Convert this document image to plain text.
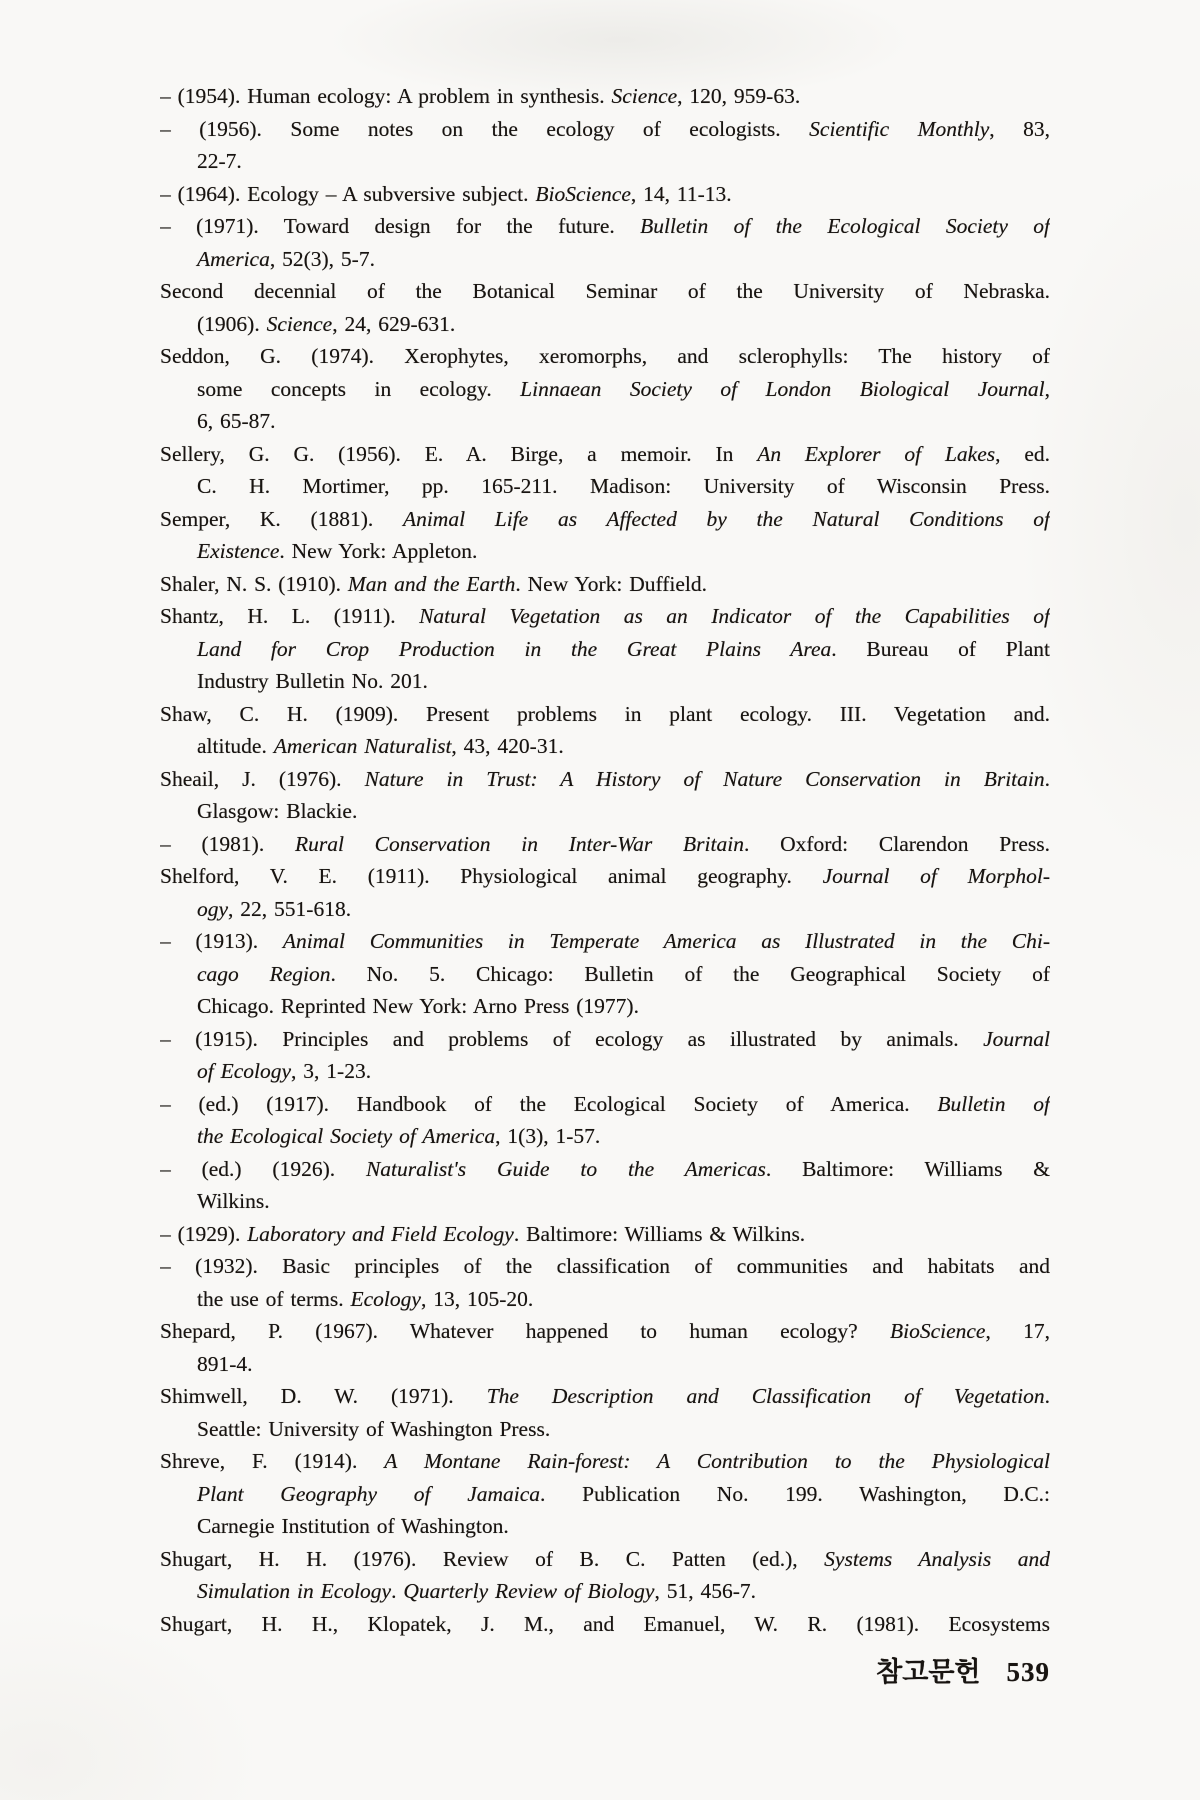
– (1954). Human ecology: A problem in synthesis. Science, 120, 959-63.
– (1956). Some notes on the ecology of ecologists. Scientific Monthly, 83,
22-7.
– (1964). Ecology – A subversive subject. BioScience, 14, 11-13.
– (1971). Toward design for the future. Bulletin of the Ecological Society of
America, 52(3), 5-7.
Second decennial of the Botanical Seminar of the University of Nebraska.
(1906). Science, 24, 629-631.
Seddon, G. (1974). Xerophytes, xeromorphs, and sclerophylls: The history of
some concepts in ecology. Linnaean Society of London Biological Journal,
6, 65-87.
Sellery, G. G. (1956). E. A. Birge, a memoir. In An Explorer of Lakes, ed.
C. H. Mortimer, pp. 165-211. Madison: University of Wisconsin Press.
Semper, K. (1881). Animal Life as Affected by the Natural Conditions of
Existence. New York: Appleton.
Shaler, N. S. (1910). Man and the Earth. New York: Duffield.
Shantz, H. L. (1911). Natural Vegetation as an Indicator of the Capabilities of
Land for Crop Production in the Great Plains Area. Bureau of Plant
Industry Bulletin No. 201.
Shaw, C. H. (1909). Present problems in plant ecology. III. Vegetation and.
altitude. American Naturalist, 43, 420-31.
Sheail, J. (1976). Nature in Trust: A History of Nature Conservation in Britain.
Glasgow: Blackie.
– (1981). Rural Conservation in Inter-War Britain. Oxford: Clarendon Press.
Shelford, V. E. (1911). Physiological animal geography. Journal of Morphol-
ogy, 22, 551-618.
– (1913). Animal Communities in Temperate America as Illustrated in the Chi-
cago Region. No. 5. Chicago: Bulletin of the Geographical Society of
Chicago. Reprinted New York: Arno Press (1977).
– (1915). Principles and problems of ecology as illustrated by animals. Journal
of Ecology, 3, 1-23.
– (ed.) (1917). Handbook of the Ecological Society of America. Bulletin of
the Ecological Society of America, 1(3), 1-57.
– (ed.) (1926). Naturalist's Guide to the Americas. Baltimore: Williams &
Wilkins.
– (1929). Laboratory and Field Ecology. Baltimore: Williams & Wilkins.
– (1932). Basic principles of the classification of communities and habitats and
the use of terms. Ecology, 13, 105-20.
Shepard, P. (1967). Whatever happened to human ecology? BioScience, 17,
891-4.
Shimwell, D. W. (1971). The Description and Classification of Vegetation.
Seattle: University of Washington Press.
Shreve, F. (1914). A Montane Rain-forest: A Contribution to the Physiological
Plant Geography of Jamaica. Publication No. 199. Washington, D.C.:
Carnegie Institution of Washington.
Shugart, H. H. (1976). Review of B. C. Patten (ed.), Systems Analysis and
Simulation in Ecology. Quarterly Review of Biology, 51, 456-7.
Shugart, H. H., Klopatek, J. M., and Emanuel, W. R. (1981). Ecosystems
참고문헌 539
